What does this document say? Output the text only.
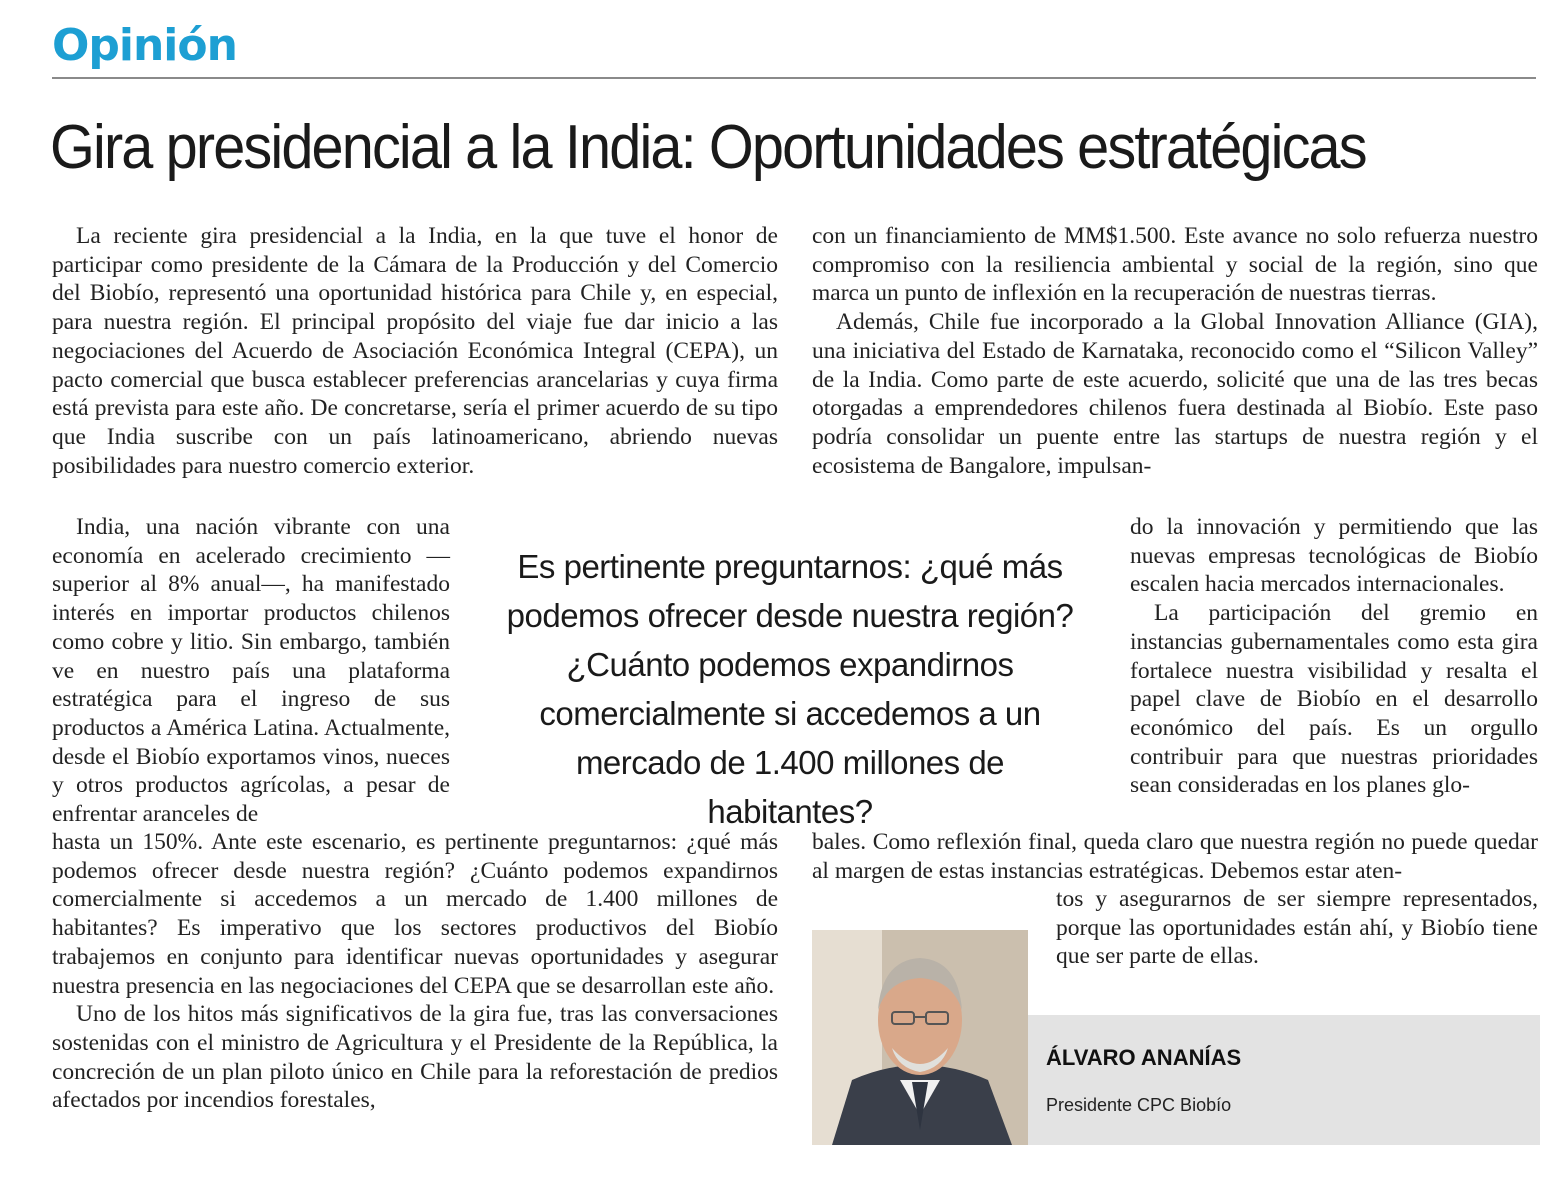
Opinión
Gira presidencial a la India: Oportunidades estratégicas

La reciente gira presidencial a la India, en la que tuve el honor de participar como presidente de la Cámara de la Producción y del Comercio del Biobío, representó una oportunidad histórica para Chile y, en especial, para nuestra región. El principal propósito del viaje fue dar inicio a las negociaciones del Acuerdo de Asociación Económica Integral (CEPA), un pacto comercial que busca establecer preferencias arancelarias y cuya firma está prevista para este año. De concretarse, sería el primer acuerdo de su tipo que India suscribe con un país latinoamericano, abriendo nuevas posibilidades para nuestro comercio exterior.

India, una nación vibrante con una economía en acelerado crecimiento —superior al 8% anual—, ha manifestado interés en importar productos chilenos como cobre y litio. Sin embargo, también ve en nuestro país una plataforma estratégica para el ingreso de sus productos a América Latina. Actualmente, desde el Biobío exportamos vinos, nueces y otros productos agrícolas, a pesar de enfrentar aranceles de

hasta un 150%. Ante este escenario, es pertinente preguntarnos: ¿qué más podemos ofrecer desde nuestra región? ¿Cuánto podemos expandirnos comercialmente si accedemos a un mercado de 1.400 millones de habitantes? Es imperativo que los sectores productivos del Biobío trabajemos en conjunto para identificar nuevas oportunidades y asegurar nuestra presencia en las negociaciones del CEPA que se desarrollan este año.

Uno de los hitos más significativos de la gira fue, tras las conversaciones sostenidas con el ministro de Agricultura y el Presidente de la República, la concreción de un plan piloto único en Chile para la reforestación de predios afectados por incendios forestales,

con un financiamiento de MM$1.500. Este avance no solo refuerza nuestro compromiso con la resiliencia ambiental y social de la región, sino que marca un punto de inflexión en la recuperación de nuestras tierras.

Además, Chile fue incorporado a la Global Innovation Alliance (GIA), una iniciativa del Estado de Karnataka, reconocido como el “Silicon Valley” de la India. Como parte de este acuerdo, solicité que una de las tres becas otorgadas a emprendedores chilenos fuera destinada al Biobío. Este paso podría consolidar un puente entre las startups de nuestra región y el ecosistema de Bangalore, impulsan-

do la innovación y permitiendo que las nuevas empresas tecnológicas de Biobío escalen hacia mercados internacionales.

La participación del gremio en instancias gubernamentales como esta gira fortalece nuestra visibilidad y resalta el papel clave de Biobío en el desarrollo económico del país. Es un orgullo contribuir para que nuestras prioridades sean consideradas en los planes glo-

bales. Como reflexión final, queda claro que nuestra región no puede quedar al margen de estas instancias estratégicas. Debemos estar aten-

tos y asegurarnos de ser siempre representados, porque las oportunidades están ahí, y Biobío tiene que ser parte de ellas.

Es pertinente preguntarnos: ¿qué más podemos ofrecer desde nuestra región? ¿Cuánto podemos expandirnos comercialmente si accedemos a un mercado de 1.400 millones de habitantes?
ÁLVARO ANANÍAS
Presidente CPC Biobío
